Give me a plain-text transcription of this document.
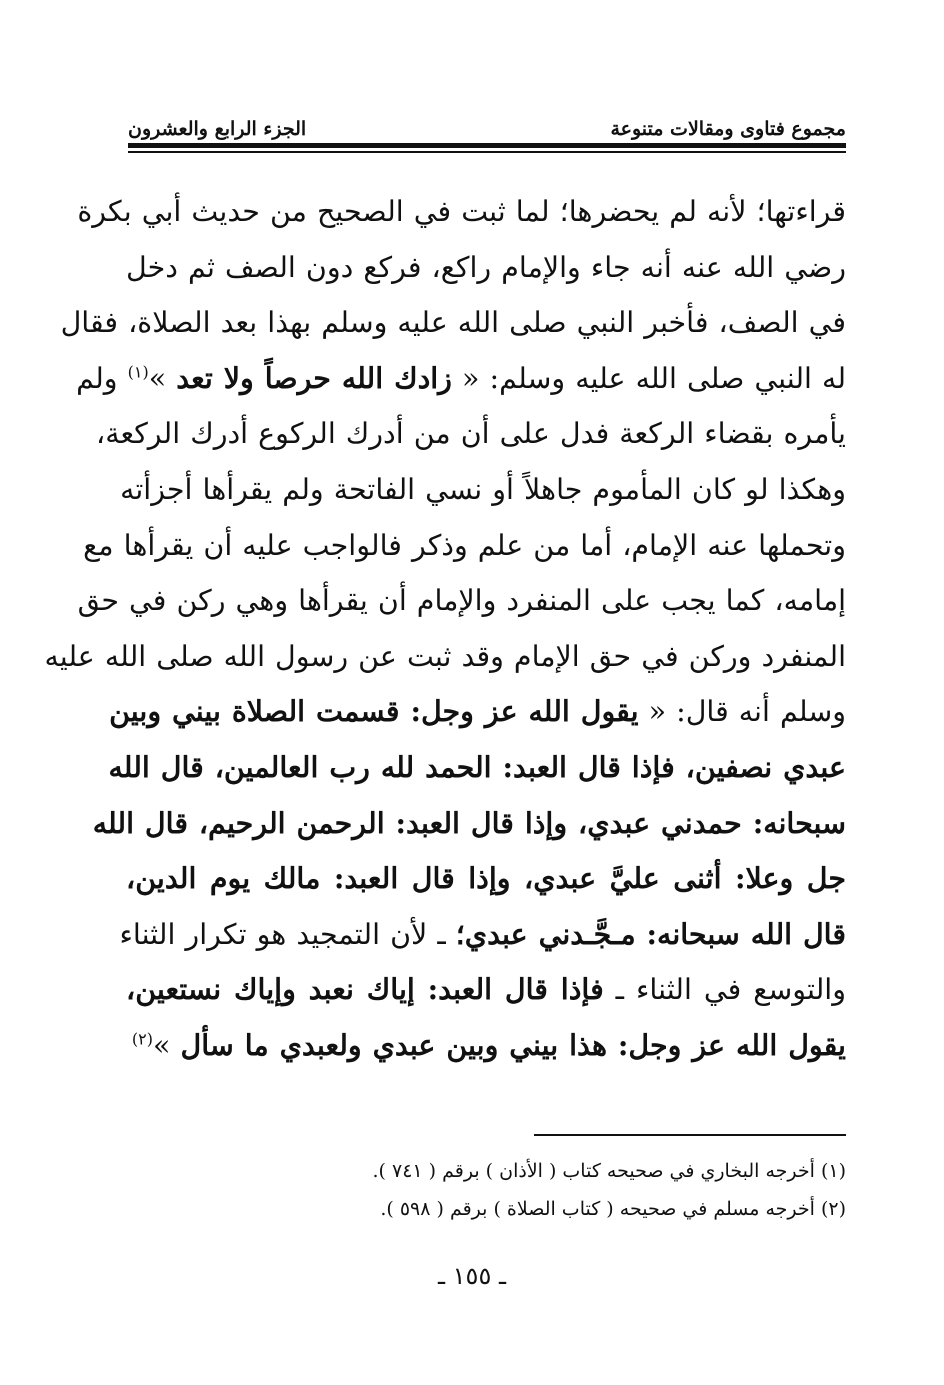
مجموع فتاوى ومقالات متنوعة
الجزء الرابع والعشرون
قراءتها؛ لأنه لم يحضرها؛ لما ثبت في الصحيح من حديث أبي بكرة
رضي الله عنه أنه جاء والإمام راكع، فركع دون الصف ثم دخل
في الصف، فأخبر النبي صلى الله عليه وسلم بهذا بعد الصلاة، فقال
له النبي صلى الله عليه وسلم: « زادك الله حرصاً ولا تعد »$^{(١)}$ ولم
يأمره بقضاء الركعة فدل على أن من أدرك الركوع أدرك الركعة،
وهكذا لو كان المأموم جاهلاً أو نسي الفاتحة ولم يقرأها أجزأته
وتحملها عنه الإمام، أما من علم وذكر فالواجب عليه أن يقرأها مع
إمامه، كما يجب على المنفرد والإمام أن يقرأها وهي ركن في حق
المنفرد وركن في حق الإمام وقد ثبت عن رسول الله صلى الله عليه
وسلم أنه قال: « يقول الله عز وجل: قسمت الصلاة بيني وبين
عبدي نصفين، فإذا قال العبد: الحمد لله رب العالمين، قال الله
سبحانه: حمدني عبدي، وإذا قال العبد: الرحمن الرحيم، قال الله
جل وعلا: أثنى عليَّ عبدي، وإذا قال العبد: مالك يوم الدين،
قال الله سبحانه: مـجَّـدني عبدي؛ ـ لأن التمجيد هو تكرار الثناء
والتوسع في الثناء ـ فإذا قال العبد: إياك نعبد وإياك نستعين،
يقول الله عز وجل: هذا بيني وبين عبدي ولعبدي ما سأل »$^{(٢)}$
(١) أخرجه البخاري في صحيحه كتاب ( الأذان ) برقم ( ٧٤١ ).
(٢) أخرجه مسلم في صحيحه ( كتاب الصلاة ) برقم ( ٥٩٨ ).
ـ ١٥٥ ـ
